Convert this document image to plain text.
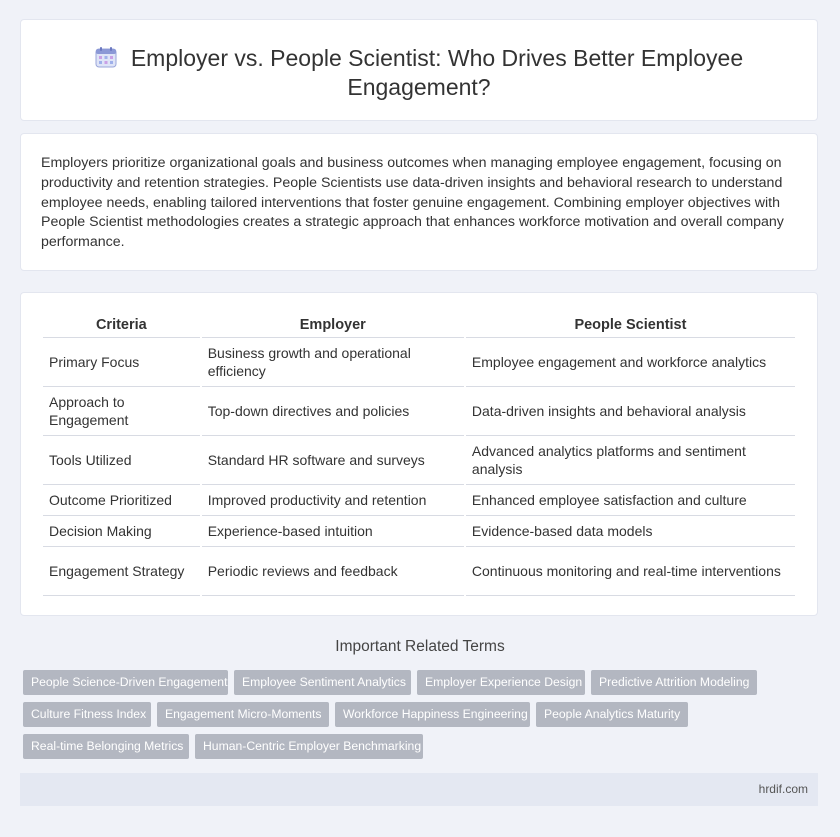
Employer vs. People Scientist: Who Drives Better Employee Engagement?
Employers prioritize organizational goals and business outcomes when managing employee engagement, focusing on productivity and retention strategies. People Scientists use data-driven insights and behavioral research to understand employee needs, enabling tailored interventions that foster genuine engagement. Combining employer objectives with People Scientist methodologies creates a strategic approach that enhances workforce motivation and overall company performance.
Criteria	Employer	People Scientist
Primary Focus	Business growth and operational efficiency	Employee engagement and workforce analytics
Approach to Engagement	Top-down directives and policies	Data-driven insights and behavioral analysis
Tools Utilized	Standard HR software and surveys	Advanced analytics platforms and sentiment analysis
Outcome Prioritized	Improved productivity and retention	Enhanced employee satisfaction and culture
Decision Making	Experience-based intuition	Evidence-based data models
Engagement Strategy	Periodic reviews and feedback	Continuous monitoring and real-time interventions
Important Related Terms
People Science-Driven Engagement	Employee Sentiment Analytics	Employer Experience Design	Predictive Attrition Modeling
Culture Fitness Index	Engagement Micro-Moments	Workforce Happiness Engineering	People Analytics Maturity
Real-time Belonging Metrics	Human-Centric Employer Benchmarking
hrdif.com
